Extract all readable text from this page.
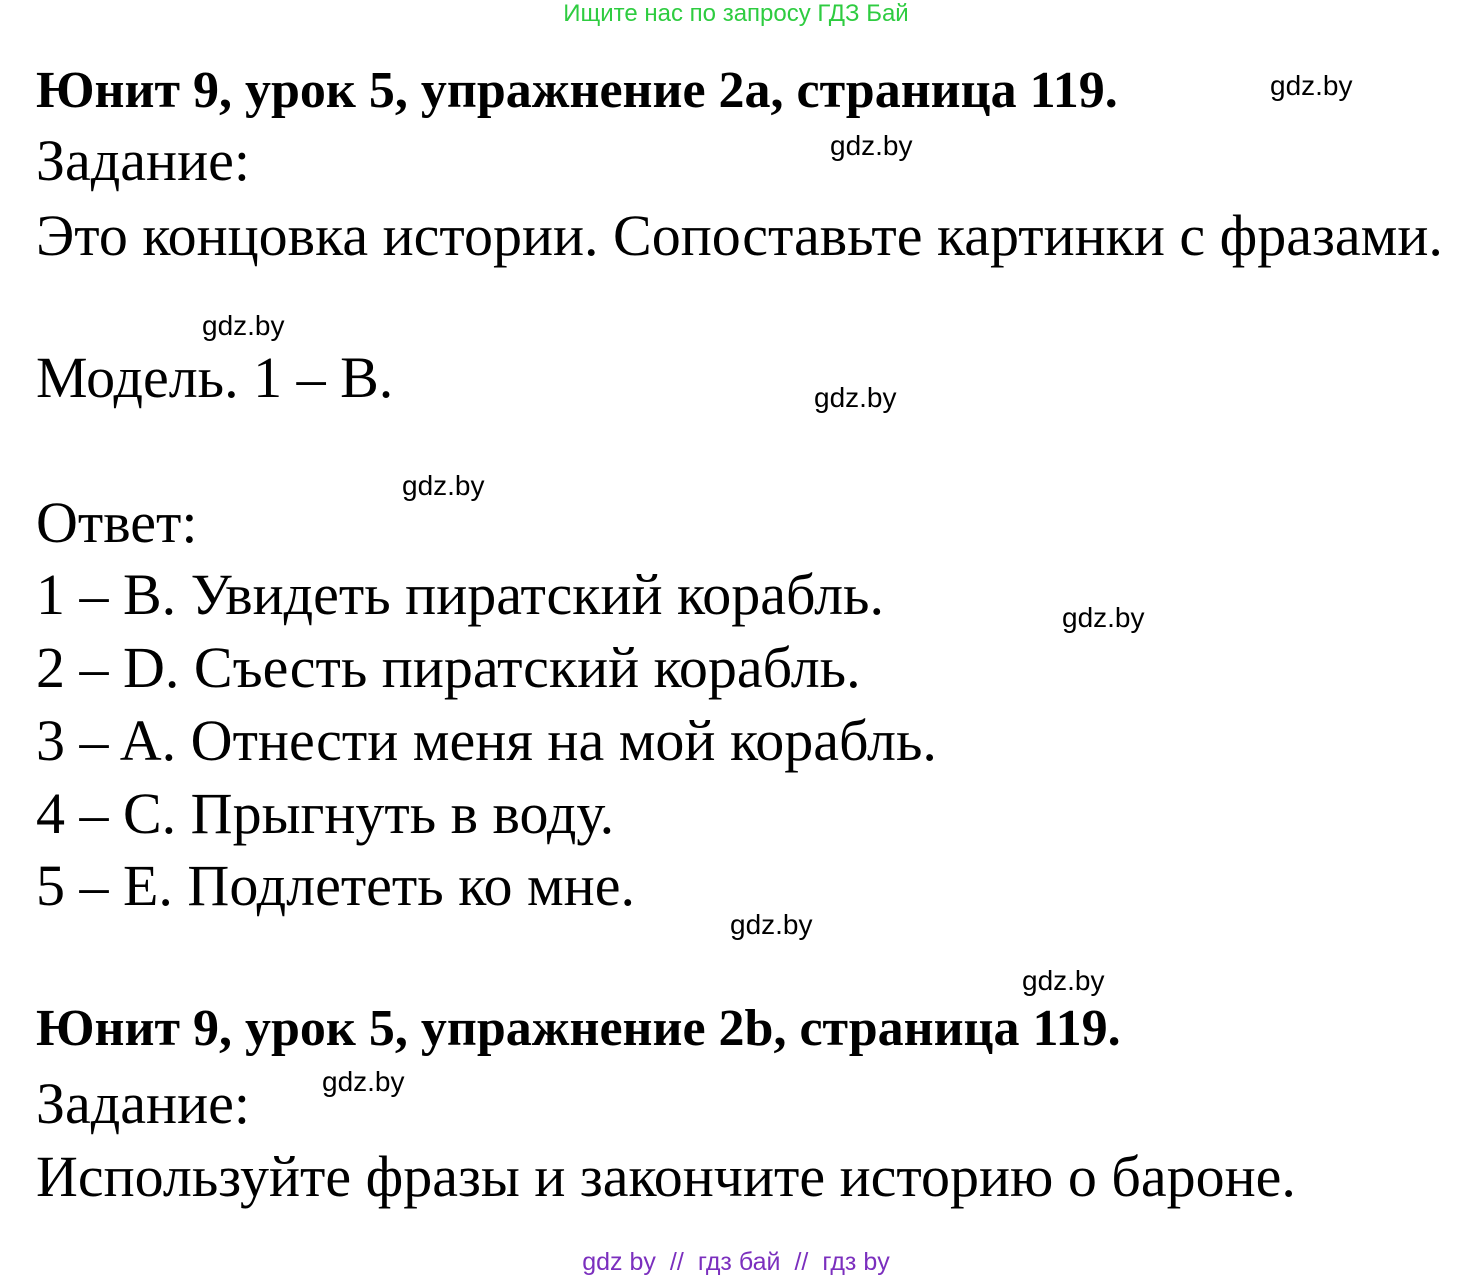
Ищите нас по запросу ГДЗ Бай
Юнит 9, урок 5, упражнение 2a, страница 119.
Задание:
Это концовка истории. Сопоставьте картинки с фразами.
Модель. 1 – B.
Ответ:
1 – B. Увидеть пиратский корабль.
2 – D. Съесть пиратский корабль.
3 – A. Отнести меня на мой корабль.
4 – C. Прыгнуть в воду.
5 – E. Подлететь ко мне.
Юнит 9, урок 5, упражнение 2b, страница 119.
Задание:
Используйте фразы и закончите историю о бароне.
gdz.by
gdz.by
gdz.by
gdz.by
gdz.by
gdz.by
gdz.by
gdz.by
gdz.by
gdz by // гдз бай // гдз by
